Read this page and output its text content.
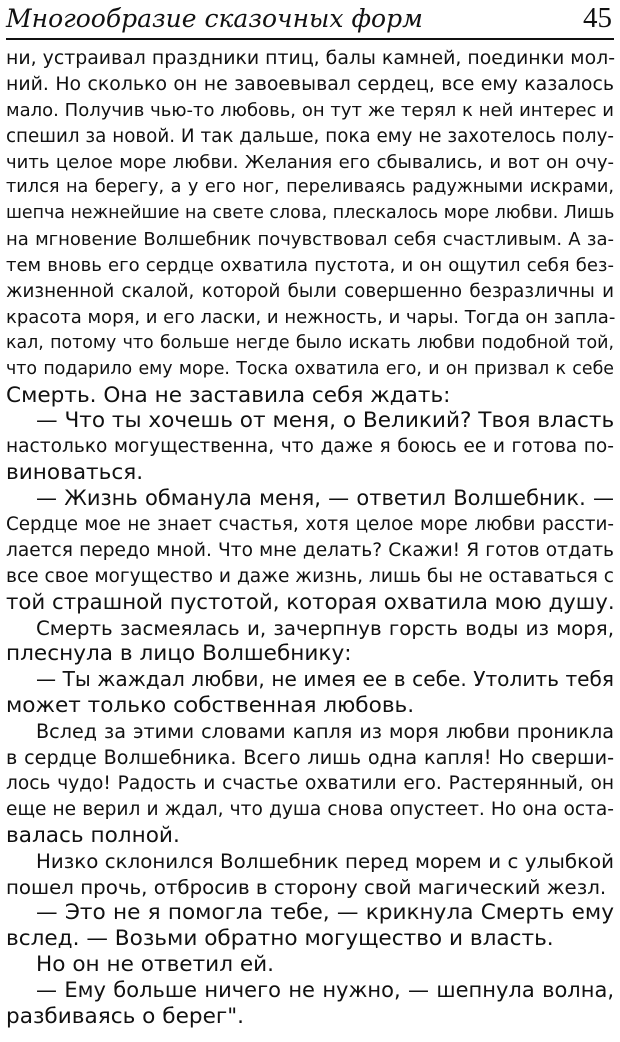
Многообразие сказочных форм	45
ни, устраивал праздники птиц, балы камней, поединки мол-
ний. Но сколько он не завоевывал сердец, все ему казалось
мало. Получив чью-то любовь, он тут же терял к ней интерес и
спешил за новой. И так дальше, пока ему не захотелось полу-
чить целое море любви. Желания его сбывались, и вот он очу-
тился на берегу, а у его ног, переливаясь радужными искрами,
шепча нежнейшие на свете слова, плескалось море любви. Лишь
на мгновение Волшебник почувствовал себя счастливым. А за-
тем вновь его сердце охватила пустота, и он ощутил себя без-
жизненной скалой, которой были совершенно безразличны и
красота моря, и его ласки, и нежность, и чары. Тогда он запла-
кал, потому что больше негде было искать любви подобной той,
что подарило ему море. Тоска охватила его, и он призвал к себе
Смерть. Она не заставила себя ждать:
— Что ты хочешь от меня, о Великий? Твоя власть
настолько могущественна, что даже я боюсь ее и готова по-
виноваться.
— Жизнь обманула меня, — ответил Волшебник. —
Сердце мое не знает счастья, хотя целое море любви рассти-
лается передо мной. Что мне делать? Скажи! Я готов отдать
все свое могущество и даже жизнь, лишь бы не оставаться с
той страшной пустотой, которая охватила мою душу.
Смерть засмеялась и, зачерпнув горсть воды из моря,
плеснула в лицо Волшебнику:
— Ты жаждал любви, не имея ее в себе. Утолить тебя
может только собственная любовь.
Вслед за этими словами капля из моря любви проникла
в сердце Волшебника. Всего лишь одна капля! Но сверши-
лось чудо! Радость и счастье охватили его. Растерянный, он
еще не верил и ждал, что душа снова опустеет. Но она оста-
валась полной.
Низко склонился Волшебник перед морем и с улыбкой
пошел прочь, отбросив в сторону свой магический жезл.
— Это не я помогла тебе, — крикнула Смерть ему
вслед. — Возьми обратно могущество и власть.
Но он не ответил ей.
— Ему больше ничего не нужно, — шепнула волна,
разбиваясь о берег".
